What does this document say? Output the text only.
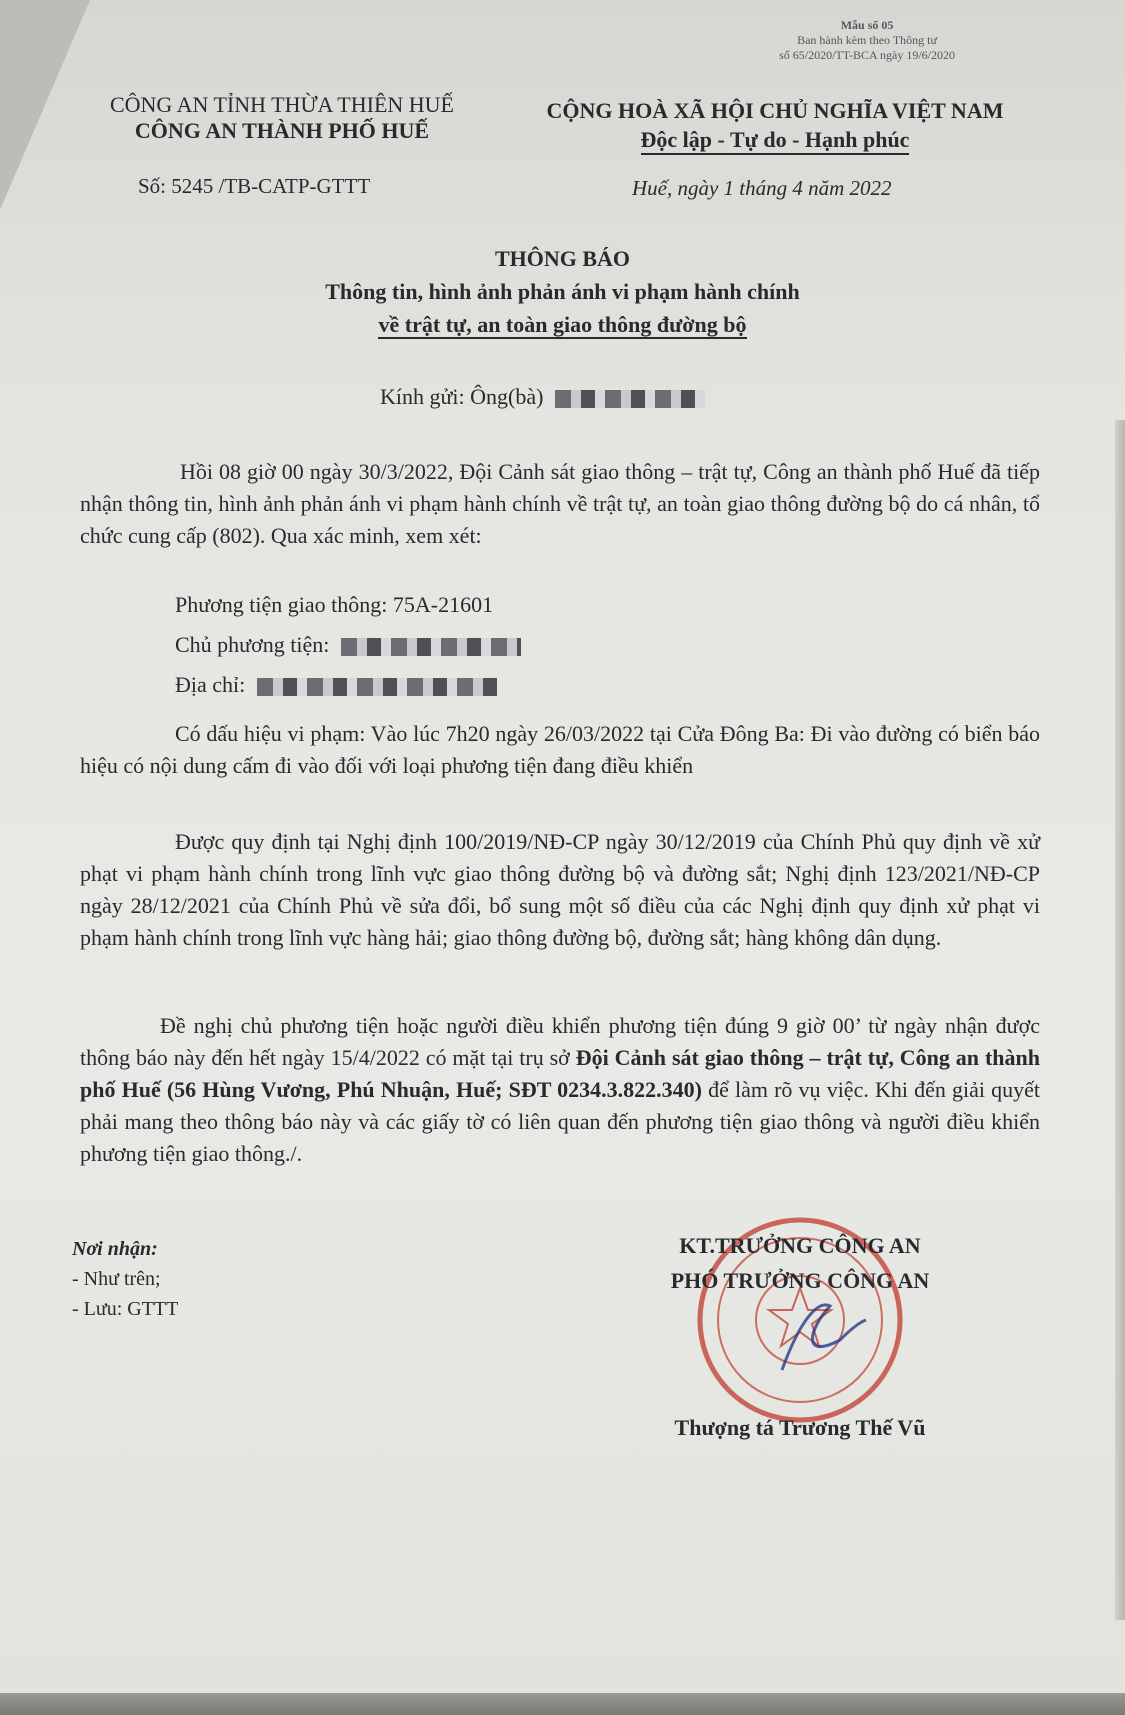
Mẫu số 05
Ban hành kèm theo Thông tư
số 65/2020/TT-BCA ngày 19/6/2020
CÔNG AN TỈNH THỪA THIÊN HUẾ
CÔNG AN THÀNH PHỐ HUẾ
CỘNG HOÀ XÃ HỘI CHỦ NGHĨA VIỆT NAM
Độc lập - Tự do - Hạnh phúc
Số: 5245 /TB-CATP-GTTT	Huế, ngày 1 tháng 4 năm 2022
THÔNG BÁO
Thông tin, hình ảnh phản ánh vi phạm hành chính
về trật tự, an toàn giao thông đường bộ
Kính gửi: Ông(bà)
Hồi 08 giờ 00 ngày 30/3/2022, Đội Cảnh sát giao thông – trật tự, Công an thành phố Huế đã tiếp nhận thông tin, hình ảnh phản ánh vi phạm hành chính về trật tự, an toàn giao thông đường bộ do cá nhân, tổ chức cung cấp (802). Qua xác minh, xem xét:
Phương tiện giao thông: 75A-21601
Chủ phương tiện:
Địa chỉ:
Có dấu hiệu vi phạm: Vào lúc 7h20 ngày 26/03/2022 tại Cửa Đông Ba: Đi vào đường có biển báo hiệu có nội dung cấm đi vào đối với loại phương tiện đang điều khiển
Được quy định tại Nghị định 100/2019/NĐ-CP ngày 30/12/2019 của Chính Phủ quy định về xử phạt vi phạm hành chính trong lĩnh vực giao thông đường bộ và đường sắt; Nghị định 123/2021/NĐ-CP ngày 28/12/2021 của Chính Phủ về sửa đổi, bổ sung một số điều của các Nghị định quy định xử phạt vi phạm hành chính trong lĩnh vực hàng hải; giao thông đường bộ, đường sắt; hàng không dân dụng.
Đề nghị chủ phương tiện hoặc người điều khiển phương tiện đúng 9 giờ 00’ từ ngày nhận được thông báo này đến hết ngày 15/4/2022 có mặt tại trụ sở Đội Cảnh sát giao thông – trật tự, Công an thành phố Huế (56 Hùng Vương, Phú Nhuận, Huế; SĐT 0234.3.822.340) để làm rõ vụ việc. Khi đến giải quyết phải mang theo thông báo này và các giấy tờ có liên quan đến phương tiện giao thông và người điều khiển phương tiện giao thông./.
Nơi nhận:
- Như trên;
- Lưu: GTTT
KT.TRƯỞNG CÔNG AN
PHÓ TRƯỞNG CÔNG AN
Thượng tá Trương Thế Vũ
